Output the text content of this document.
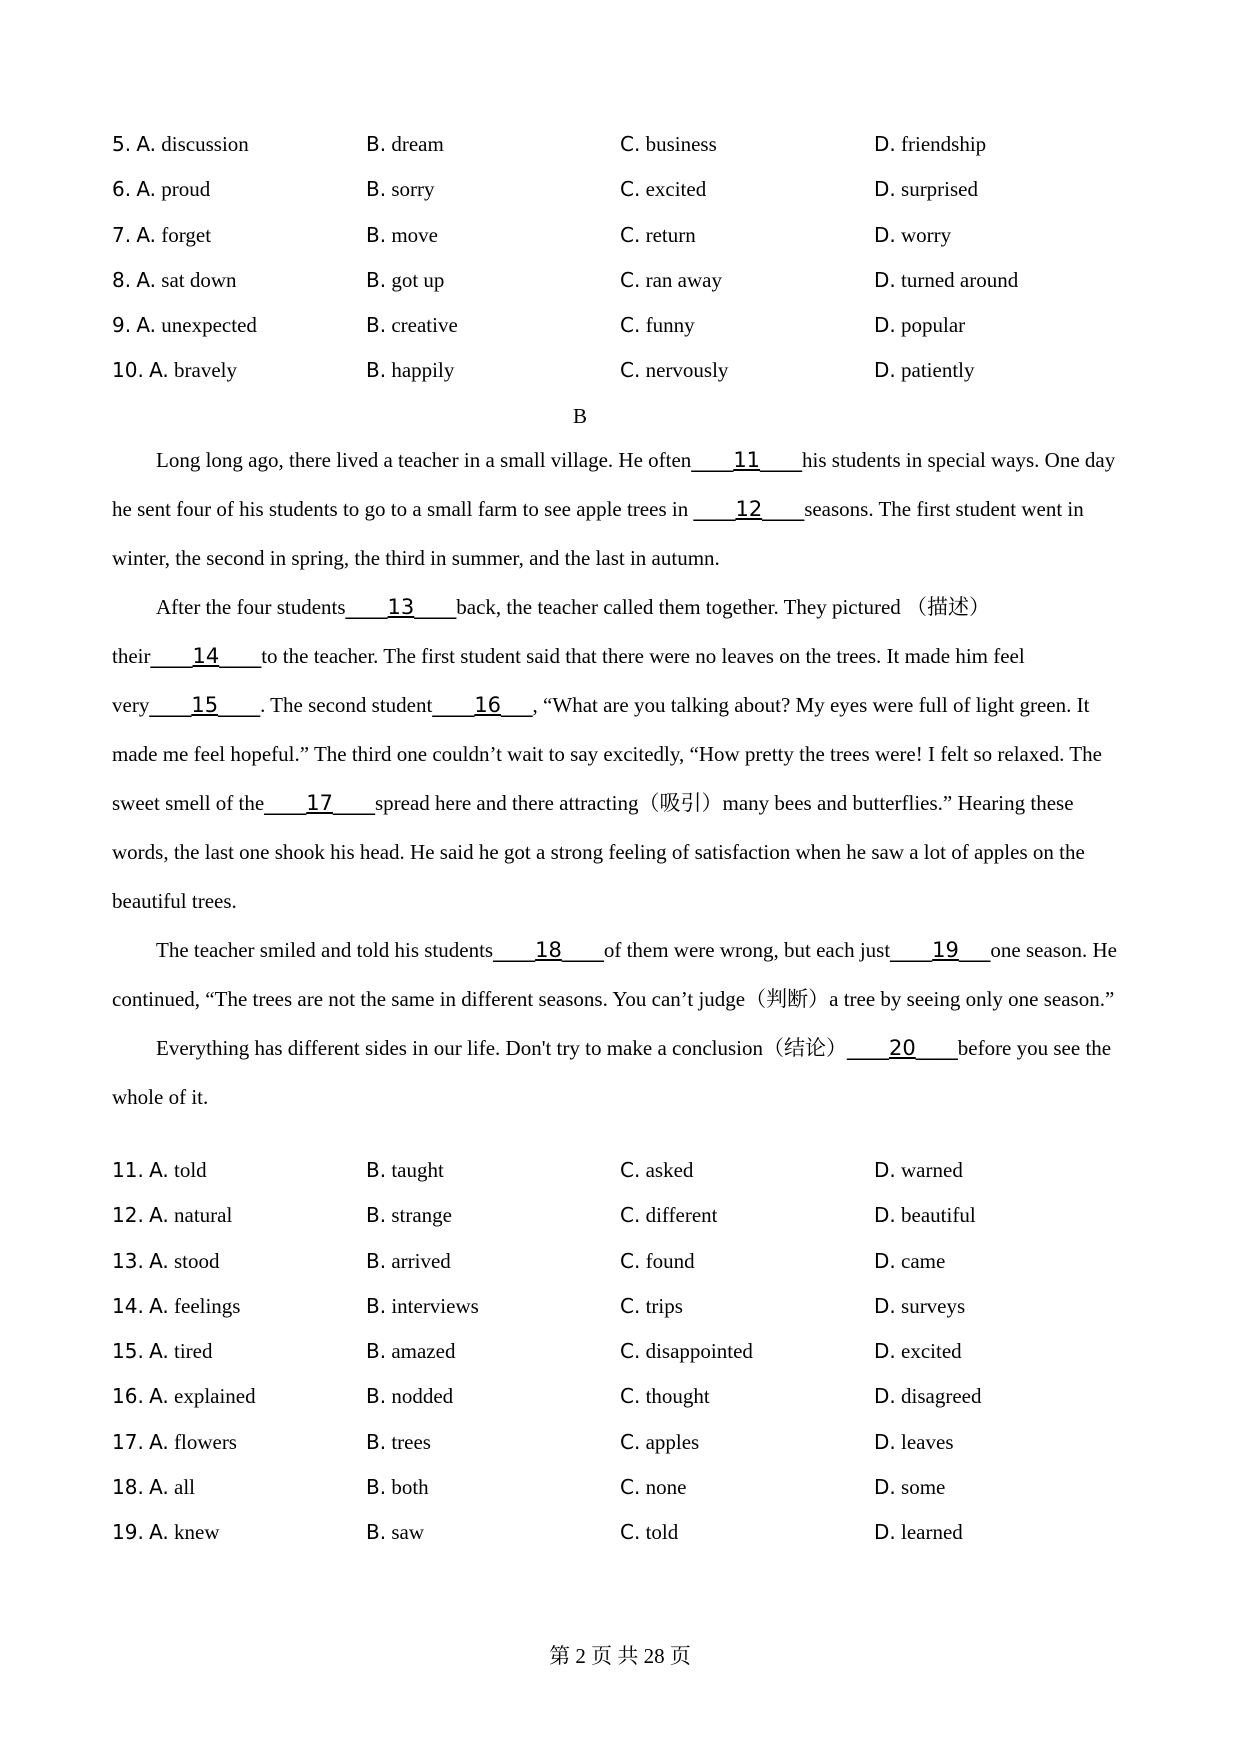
5. A. discussion	B. dream	C. business	D. friendship
6. A. proud	B. sorry	C. excited	D. surprised
7. A. forget	B. move	C. return	D. worry
8. A. sat down	B. got up	C. ran away	D. turned around
9. A. unexpected	B. creative	C. funny	D. popular
10. A. bravely	B. happily	C. nervously	D. patiently
B

Long long ago, there lived a teacher in a small village. He often____11____his students in special ways. One day he sent four of his students to go to a small farm to see apple trees in ____12____seasons. The first student went in winter, the second in spring, the third in summer, and the last in autumn.

After the four students____13____back, the teacher called them together. They pictured （描述）their____14____to the teacher. The first student said that there were no leaves on the trees. It made him feel very____15____. The second student____16___, “What are you talking about? My eyes were full of light green. It made me feel hopeful.” The third one couldn’t wait to say excitedly, “How pretty the trees were! I felt so relaxed. The sweet smell of the____17____spread here and there attracting（吸引）many bees and butterflies.” Hearing these words, the last one shook his head. He said he got a strong feeling of satisfaction when he saw a lot of apples on the beautiful trees.

The teacher smiled and told his students____18____of them were wrong, but each just____19___one season. He continued, “The trees are not the same in different seasons. You can’t judge（判断）a tree by seeing only one season.”

Everything has different sides in our life. Don't try to make a conclusion（结论）____20____before you see the whole of it.

11. A. told	B. taught	C. asked	D. warned
12. A. natural	B. strange	C. different	D. beautiful
13. A. stood	B. arrived	C. found	D. came
14. A. feelings	B. interviews	C. trips	D. surveys
15. A. tired	B. amazed	C. disappointed	D. excited
16. A. explained	B. nodded	C. thought	D. disagreed
17. A. flowers	B. trees	C. apples	D. leaves
18. A. all	B. both	C. none	D. some
19. A. knew	B. saw	C. told	D. learned
第 2 页 共 28 页
